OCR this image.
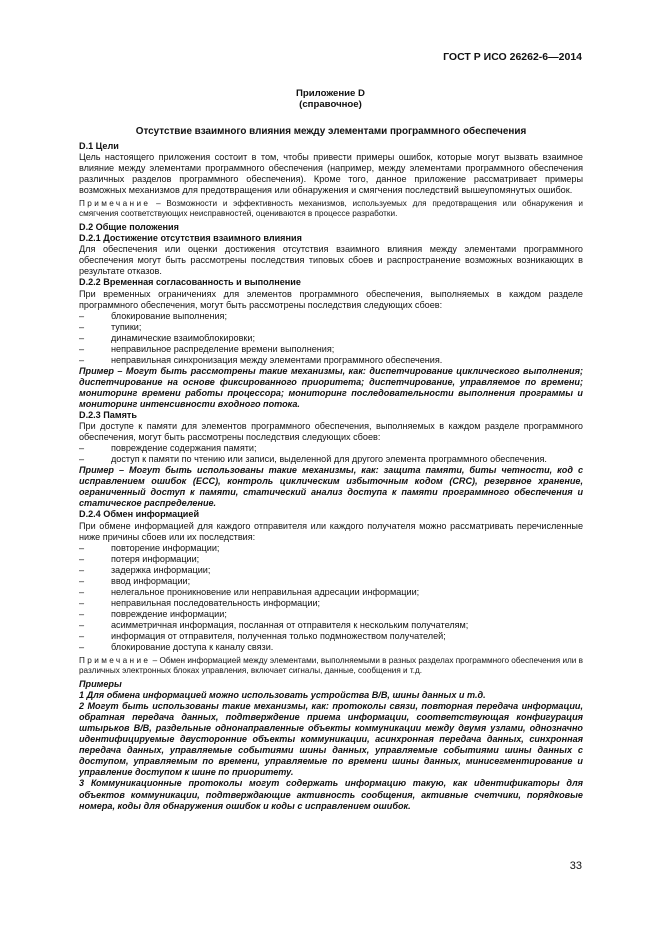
ГОСТ Р ИСО 26262-6—2014
Приложение D
(справочное)
Отсутствие взаимного влияния между элементами программного обеспечения
D.1 Цели
Цель настоящего приложения состоит в том, чтобы привести примеры ошибок, которые могут вызвать взаимное влияние между элементами программного обеспечения (например, между элементами программного обеспечения различных разделов программного обеспечения). Кроме того, данное приложение рассматривает примеры возможных механизмов для предотвращения или обнаружения и смягчения последствий вышеупомянутых ошибок.
Примечание – Возможности и эффективность механизмов, используемых для предотвращения или обнаружения и смягчения соответствующих неисправностей, оцениваются в процессе разработки.
D.2 Общие положения
D.2.1 Достижение отсутствия взаимного влияния
Для обеспечения или оценки достижения отсутствия взаимного влияния между элементами программного обеспечения могут быть рассмотрены последствия типовых сбоев и распространение возможных возникающих в результате отказов.
D.2.2 Временная согласованность и выполнение
При временных ограничениях для элементов программного обеспечения, выполняемых в каждом разделе программного обеспечения, могут быть рассмотрены последствия следующих сбоев:
– блокирование выполнения;
– тупики;
– динамические взаимоблокировки;
– неправильное распределение времени выполнения;
– неправильная синхронизация между элементами программного обеспечения.
Пример – Могут быть рассмотрены такие механизмы, как: диспетчирование циклического выполнения; диспетчирование на основе фиксированного приоритета; диспетчирование, управляемое по времени; мониторинг времени работы процессора; мониторинг последовательности выполнения программы и мониторинг интенсивности входного потока.
D.2.3 Память
При доступе к памяти для элементов программного обеспечения, выполняемых в каждом разделе программного обеспечения, могут быть рассмотрены последствия следующих сбоев:
– повреждение содержания памяти;
– доступ к памяти по чтению или записи, выделенной для другого элемента программного обеспечения.
Пример – Могут быть использованы такие механизмы, как: защита памяти, биты четности, код с исправлением ошибок (ECC), контроль циклическим избыточным кодом (CRC), резервное хранение, ограниченный доступ к памяти, статический анализ доступа к памяти программного обеспечения и статическое распределение.
D.2.4 Обмен информацией
При обмене информацией для каждого отправителя или каждого получателя можно рассматривать перечисленные ниже причины сбоев или их последствия:
– повторение информации;
– потеря информации;
– задержка информации;
– ввод информации;
– нелегальное проникновение или неправильная адресации информации;
– неправильная последовательность информации;
– повреждение информации;
– асимметричная информация, посланная от отправителя к нескольким получателям;
– информация от отправителя, полученная только подмножеством получателей;
– блокирование доступа к каналу связи.
Примечание – Обмен информацией между элементами, выполняемыми в разных разделах программного обеспечения или в различных электронных блоках управления, включает сигналы, данные, сообщения и т.д.
Примеры
1 Для обмена информацией можно использовать устройства В/В, шины данных и т.д.
2 Могут быть использованы такие механизмы, как: протоколы связи, повторная передача информации, обратная передача данных, подтверждение приема информации, соответствующая конфигурация штырьков В/В, раздельные однонаправленные объекты коммуникации между двумя узлами, однозначно идентифицируемые двусторонние объекты коммуникации, асинхронная передача данных, синхронная передача данных, управляемые событиями шины данных, управляемые событиями шины данных с доступом, управляемым по времени, управляемые по времени шины данных, минисегментирование и управление доступом к шине по приоритету.
3 Коммуникационные протоколы могут содержать информацию такую, как идентификаторы для объектов коммуникации, подтверждающие активность сообщения, активные счетчики, порядковые номера, коды для обнаружения ошибок и коды с исправлением ошибок.
33
